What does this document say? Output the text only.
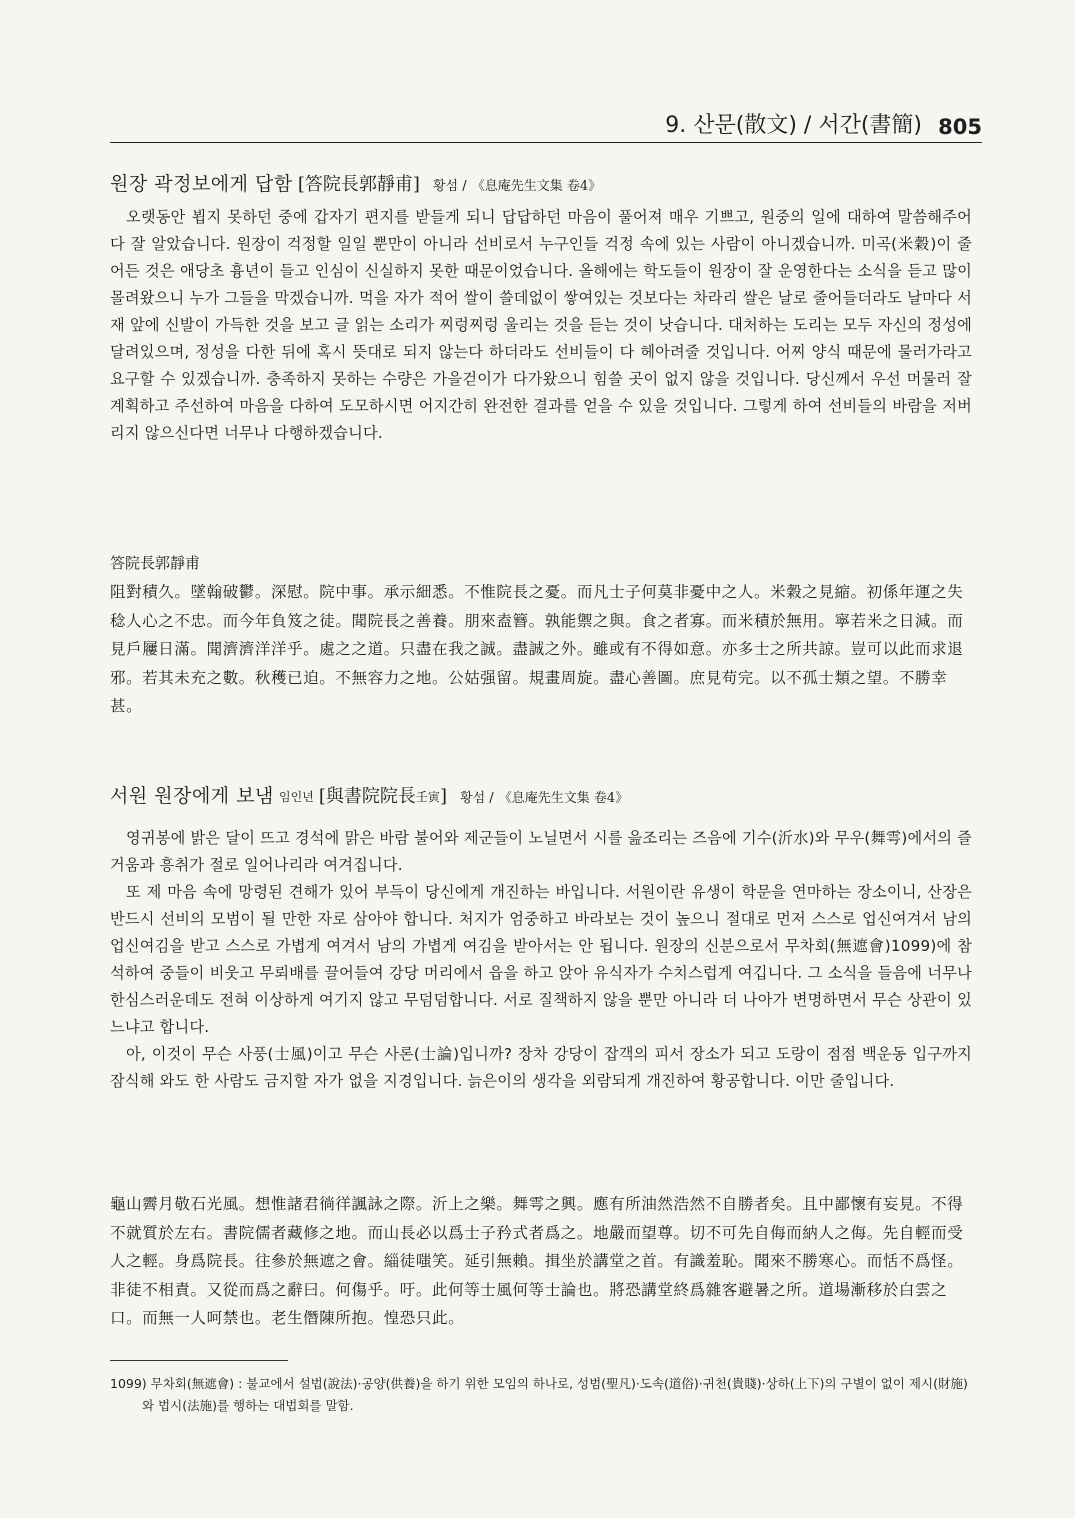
9. 산문(散文) / 서간(書簡) 805
원장 곽정보에게 답함 [答院長郭靜甫] 황섬 / 《息庵先生文集 卷4》

오랫동안 뵙지 못하던 중에 갑자기 편지를 받들게 되니 답답하던 마음이 풀어져 매우 기쁘고, 원중의 일에 대하여 말씀해주어 다 잘 알았습니다. 원장이 걱정할 일일 뿐만이 아니라 선비로서 누구인들 걱정 속에 있는 사람이 아니겠습니까. 미곡(米穀)이 줄어든 것은 애당초 흉년이 들고 인심이 신실하지 못한 때문이었습니다. 올해에는 학도들이 원장이 잘 운영한다는 소식을 듣고 많이 몰려왔으니 누가 그들을 막겠습니까. 먹을 자가 적어 쌀이 쓸데없이 쌓여있는 것보다는 차라리 쌀은 날로 줄어들더라도 날마다 서재 앞에 신발이 가득한 것을 보고 글 읽는 소리가 찌렁찌렁 울리는 것을 듣는 것이 낫습니다. 대처하는 도리는 모두 자신의 정성에 달려있으며, 정성을 다한 뒤에 혹시 뜻대로 되지 않는다 하더라도 선비들이 다 헤아려줄 것입니다. 어찌 양식 때문에 물러가라고 요구할 수 있겠습니까. 충족하지 못하는 수량은 가을걷이가 다가왔으니 힘쓸 곳이 없지 않을 것입니다. 당신께서 우선 머물러 잘 계획하고 주선하여 마음을 다하여 도모하시면 어지간히 완전한 결과를 얻을 수 있을 것입니다. 그렇게 하여 선비들의 바람을 저버리지 않으신다면 너무나 다행하겠습니다.

答院長郭靜甫
阻對積久。墜翰破鬱。深慰。院中事。承示細悉。不惟院長之憂。而凡士子何莫非憂中之人。米穀之見縮。初係年運之失稔人心之不忠。而今年負笈之徒。聞院長之善養。朋來盍簪。孰能禦之與。食之者寡。而米積於無用。寧若米之日減。而見戶屨日滿。聞濟濟洋洋乎。處之之道。只盡在我之誠。盡誠之外。雖或有不得如意。亦多士之所共諒。豈可以此而求退邪。若其未充之數。秋穫已迫。不無容力之地。公姑强留。規畫周旋。盡心善圖。庶見苟完。以不孤士類之望。不勝幸甚。
서원 원장에게 보냄 임인년 [與書院院長壬寅] 황섬 / 《息庵先生文集 卷4》

영귀봉에 밝은 달이 뜨고 경석에 맑은 바람 불어와 제군들이 노닐면서 시를 읊조리는 즈음에 기수(沂水)와 무우(舞雩)에서의 즐거움과 흥취가 절로 일어나리라 여겨집니다.

또 제 마음 속에 망령된 견해가 있어 부득이 당신에게 개진하는 바입니다. 서원이란 유생이 학문을 연마하는 장소이니, 산장은 반드시 선비의 모범이 될 만한 자로 삼아야 합니다. 처지가 엄중하고 바라보는 것이 높으니 절대로 먼저 스스로 업신여겨서 남의 업신여김을 받고 스스로 가볍게 여겨서 남의 가볍게 여김을 받아서는 안 됩니다. 원장의 신분으로서 무차회(無遮會)1099)에 참석하여 중들이 비웃고 무뢰배를 끌어들여 강당 머리에서 읍을 하고 앉아 유식자가 수치스럽게 여깁니다. 그 소식을 들음에 너무나 한심스러운데도 전혀 이상하게 여기지 않고 무덤덤합니다. 서로 질책하지 않을 뿐만 아니라 더 나아가 변명하면서 무슨 상관이 있느냐고 합니다.

아, 이것이 무슨 사풍(士風)이고 무슨 사론(士論)입니까? 장차 강당이 잡객의 피서 장소가 되고 도랑이 점점 백운동 입구까지 잠식해 와도 한 사람도 금지할 자가 없을 지경입니다. 늙은이의 생각을 외람되게 개진하여 황공합니다. 이만 줄입니다.

龜山霽月敬石光風。想惟諸君徜徉諷詠之際。沂上之樂。舞雩之興。應有所油然浩然不自勝者矣。且中鄙懷有妄見。不得不就質於左右。書院儒者藏修之地。而山長必以爲士子矜式者爲之。地嚴而望尊。切不可先自侮而納人之侮。先自輕而受人之輕。身爲院長。往參於無遮之會。緇徒嗤笑。延引無賴。揖坐於講堂之首。有識羞恥。聞來不勝寒心。而恬不爲怪。非徒不相責。又從而爲之辭曰。何傷乎。吁。此何等士風何等士論也。將恐講堂終爲雜客避暑之所。道場漸移於白雲之口。而無一人呵禁也。老生僭陳所抱。惶恐只此。
1099) 무차회(無遮會) : 불교에서 설법(說法)·공양(供養)을 하기 위한 모임의 하나로, 성범(聖凡)·도속(道俗)·귀천(貴賤)·상하(上下)의 구별이 없이 제시(財施)와 법시(法施)를 행하는 대법회를 말함.
